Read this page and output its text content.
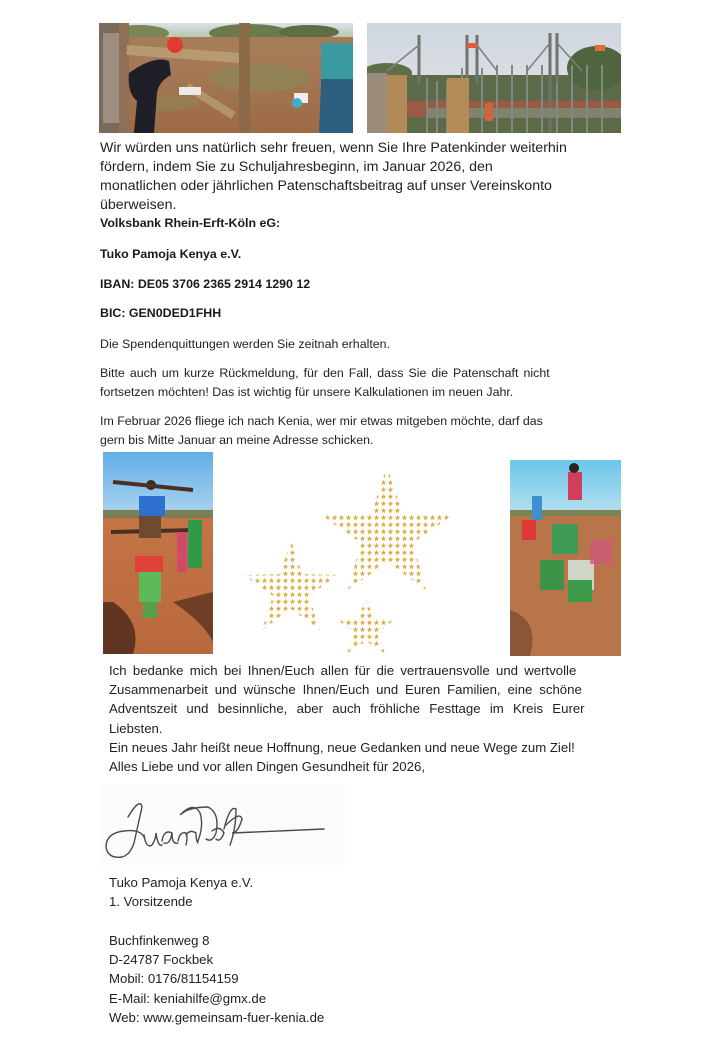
Wir würden uns natürlich sehr freuen, wenn Sie Ihre Patenkinder weiterhin
fördern, indem Sie zu Schuljahresbeginn, im Januar 2026, den
monatlichen oder jährlichen Patenschaftsbeitrag auf unser Vereinskonto
überweisen.
Volksbank Rhein-Erft-Köln eG:
Tuko Pamoja Kenya e.V.
IBAN: DE05 3706 2365 2914 1290 12
BIC: GEN0DED1FHH
Die Spendenquittungen werden Sie zeitnah erhalten.
Bitte auch um kurze Rückmeldung, für den Fall, dass Sie die Patenschaft nicht
fortsetzen möchten! Das ist wichtig für unsere Kalkulationen im neuen Jahr.
Im Februar 2026 fliege ich nach Kenia, wer mir etwas mitgeben möchte, darf das
gern bis Mitte Januar an meine Adresse schicken.
Ich bedanke mich bei Ihnen/Euch allen für die vertrauensvolle und wertvolle
Zusammenarbeit und wünsche Ihnen/Euch und Euren Familien, eine schöne
Adventszeit und besinnliche, aber auch fröhliche Festtage im Kreis Eurer
Liebsten.
Ein neues Jahr heißt neue Hoffnung, neue Gedanken und neue Wege zum Ziel!
Alles Liebe und vor allen Dingen Gesundheit für 2026,
Tuko Pamoja Kenya e.V.
1. Vorsitzende
Buchfinkenweg 8
D-24787 Fockbek
Mobil: 0176/81154159
E-Mail: keniahilfe@gmx.de
Web: www.gemeinsam-fuer-kenia.de
